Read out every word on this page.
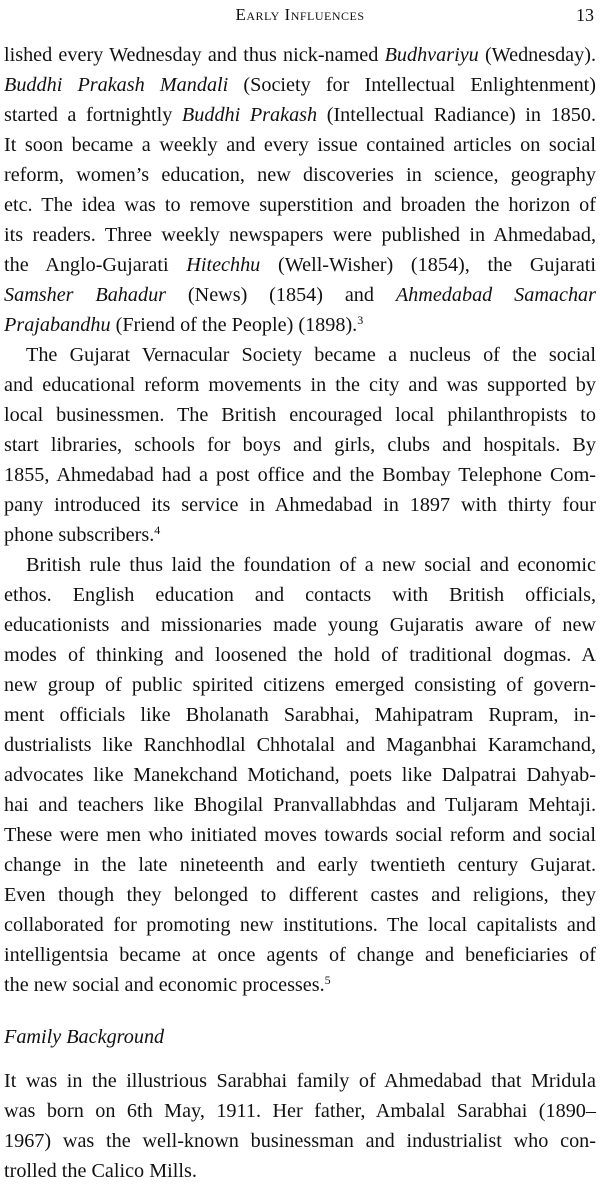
Early Influences	13
lished every Wednesday and thus nick-named Budhvariyu (Wednesday).
Buddhi Prakash Mandali (Society for Intellectual Enlightenment)
started a fortnightly Buddhi Prakash (Intellectual Radiance) in 1850.
It soon became a weekly and every issue contained articles on social
reform, women’s education, new discoveries in science, geography
etc. The idea was to remove superstition and broaden the horizon of
its readers. Three weekly newspapers were published in Ahmedabad,
the Anglo-Gujarati Hitechhu (Well-Wisher) (1854), the Gujarati
Samsher Bahadur (News) (1854) and Ahmedabad Samachar
Prajabandhu (Friend of the People) (1898).$^3$
The Gujarat Vernacular Society became a nucleus of the social
and educational reform movements in the city and was supported by
local businessmen. The British encouraged local philanthropists to
start libraries, schools for boys and girls, clubs and hospitals. By
1855, Ahmedabad had a post office and the Bombay Telephone Com-
pany introduced its service in Ahmedabad in 1897 with thirty four
phone subscribers.$^4$
British rule thus laid the foundation of a new social and economic
ethos. English education and contacts with British officials,
educationists and missionaries made young Gujaratis aware of new
modes of thinking and loosened the hold of traditional dogmas. A
new group of public spirited citizens emerged consisting of govern-
ment officials like Bholanath Sarabhai, Mahipatram Rupram, in-
dustrialists like Ranchhodlal Chhotalal and Maganbhai Karamchand,
advocates like Manekchand Motichand, poets like Dalpatrai Dahyab-
hai and teachers like Bhogilal Pranvallabhdas and Tuljaram Mehtaji.
These were men who initiated moves towards social reform and social
change in the late nineteenth and early twentieth century Gujarat.
Even though they belonged to different castes and religions, they
collaborated for promoting new institutions. The local capitalists and
intelligentsia became at once agents of change and beneficiaries of
the new social and economic processes.$^5$
Family Background
It was in the illustrious Sarabhai family of Ahmedabad that Mridula
was born on 6th May, 1911. Her father, Ambalal Sarabhai (1890–
1967) was the well-known businessman and industrialist who con-
trolled the Calico Mills.
